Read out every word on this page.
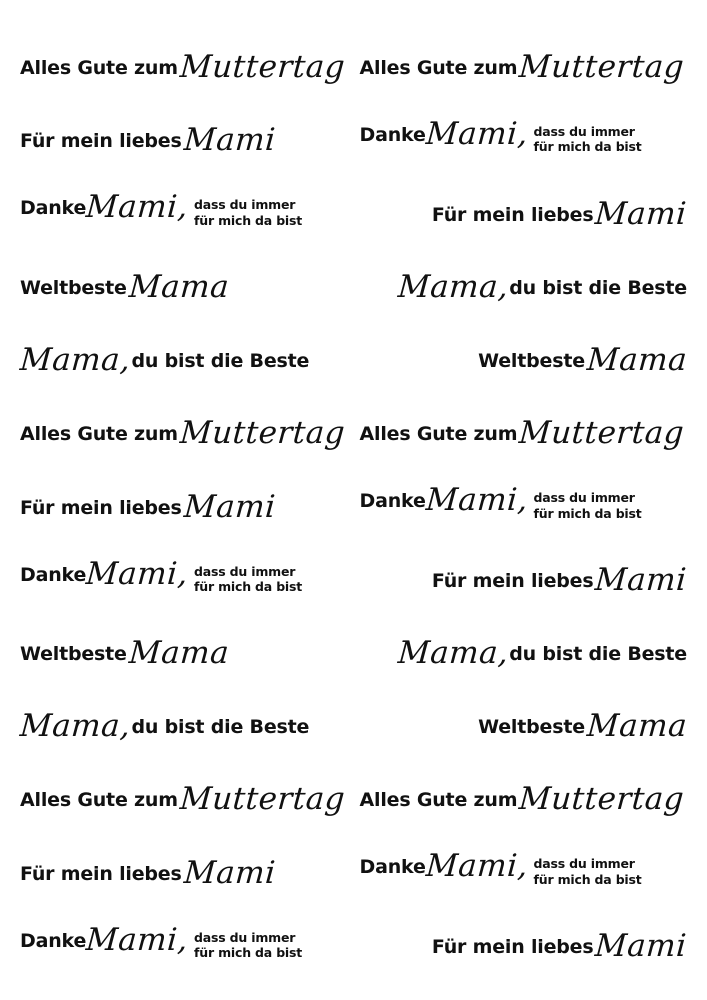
Alles Gute zum Muttertag Alles Gute zum Muttertag
Für mein liebes Mami	Danke
Mami, dass du immer
für mich da bist
Danke
Mami, dass du immer
für mich da bist	Für mein liebes Mami
Weltbeste Mama	Mama, du bist die Beste
Mama, du bist die Beste	Weltbeste Mama
Alles Gute zum Muttertag Alles Gute zum Muttertag
Für mein liebes Mami	Danke
Mami, dass du immer
für mich da bist
Danke
Mami, dass du immer
für mich da bist	Für mein liebes Mami
Weltbeste Mama	Mama, du bist die Beste
Mama, du bist die Beste	Weltbeste Mama
Alles Gute zum Muttertag Alles Gute zum Muttertag
Für mein liebes Mami	Danke
Mami, dass du immer
für mich da bist
Danke
Mami, dass du immer
für mich da bist	Für mein liebes Mami
